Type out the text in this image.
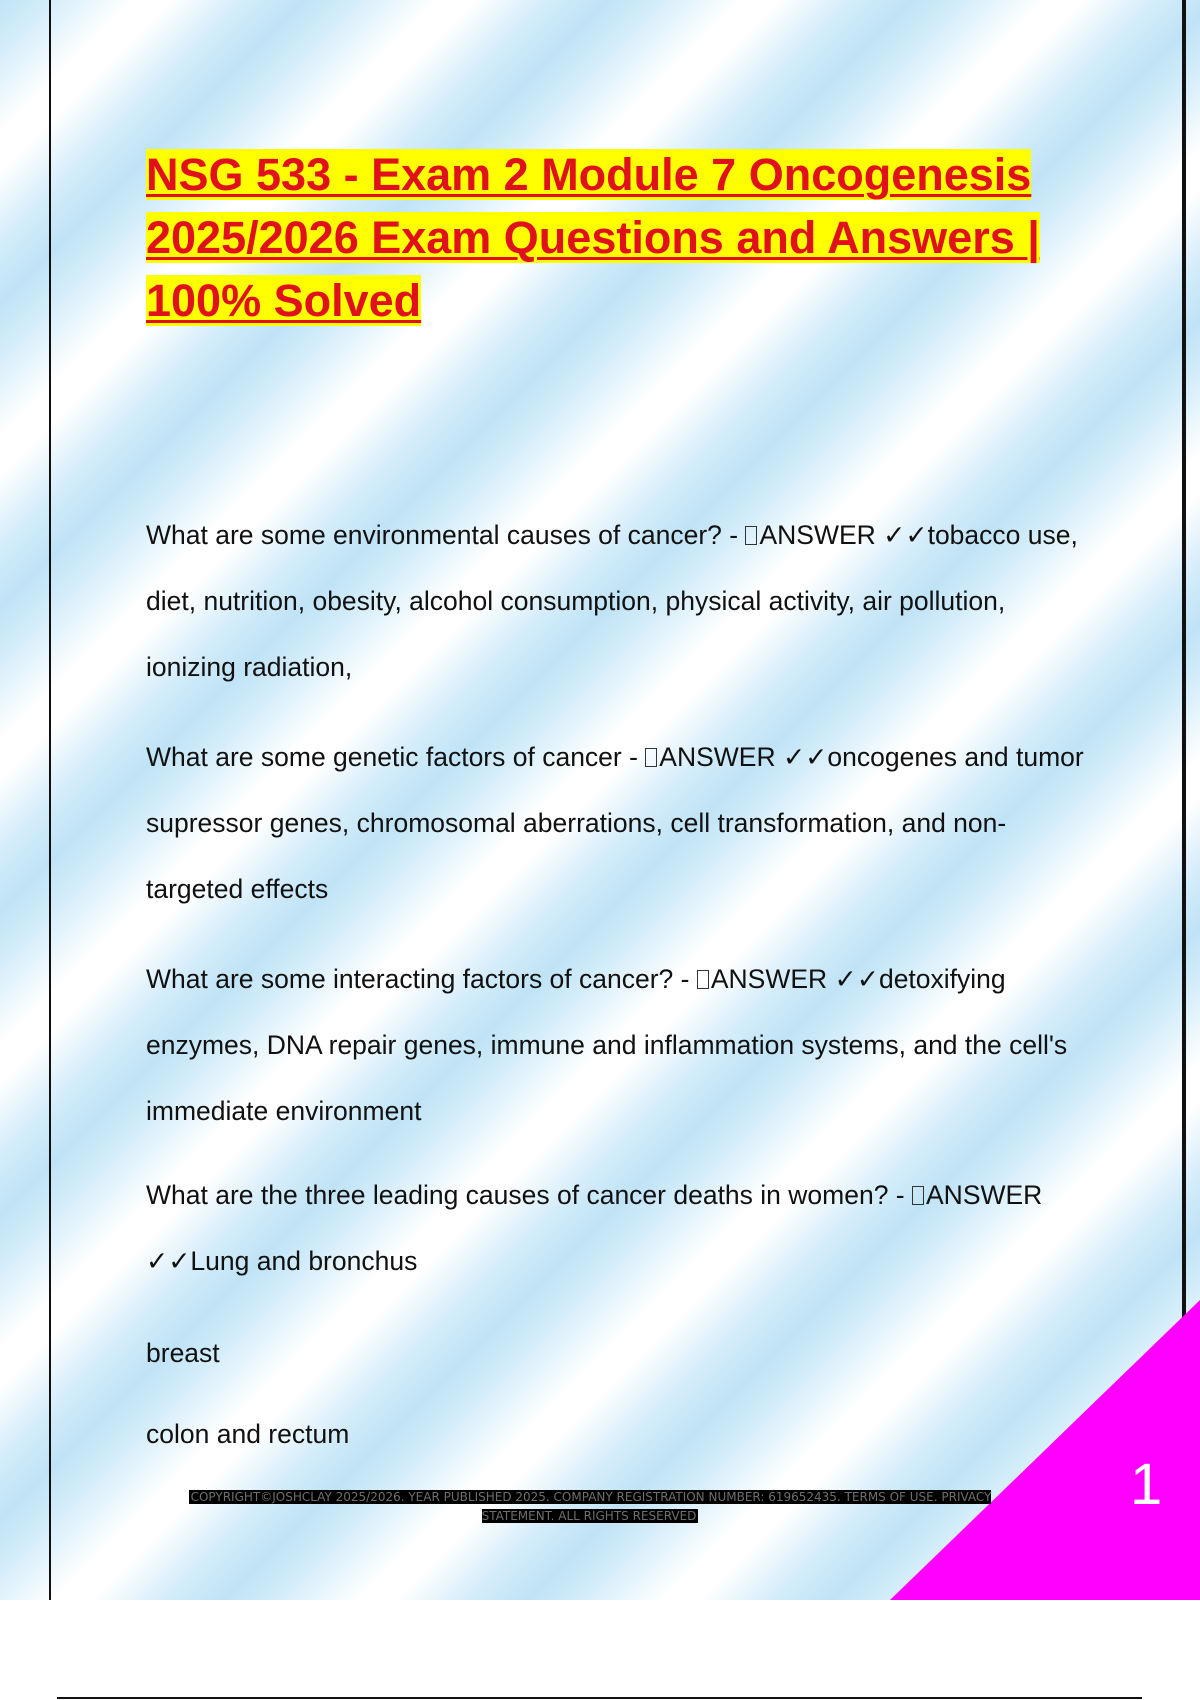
NSG 533 - Exam 2 Module 7 Oncogenesis 2025/2026 Exam Questions and Answers | 100% Solved

What are some environmental causes of cancer? - ANSWER ✓✓tobacco use, diet, nutrition, obesity, alcohol consumption, physical activity, air pollution, ionizing radiation,

What are some genetic factors of cancer - ANSWER ✓✓oncogenes and tumor supressor genes, chromosomal aberrations, cell transformation, and non-targeted effects

What are some interacting factors of cancer? - ANSWER ✓✓detoxifying enzymes, DNA repair genes, immune and inflammation systems, and the cell's immediate environment

What are the three leading causes of cancer deaths in women? - ANSWER ✓✓Lung and bronchus

breast

colon and rectum

1
COPYRIGHT©JOSHCLAY 2025/2026. YEAR PUBLISHED 2025. COMPANY REGISTRATION NUMBER: 619652435. TERMS OF USE. PRIVACY STATEMENT. ALL RIGHTS RESERVED
